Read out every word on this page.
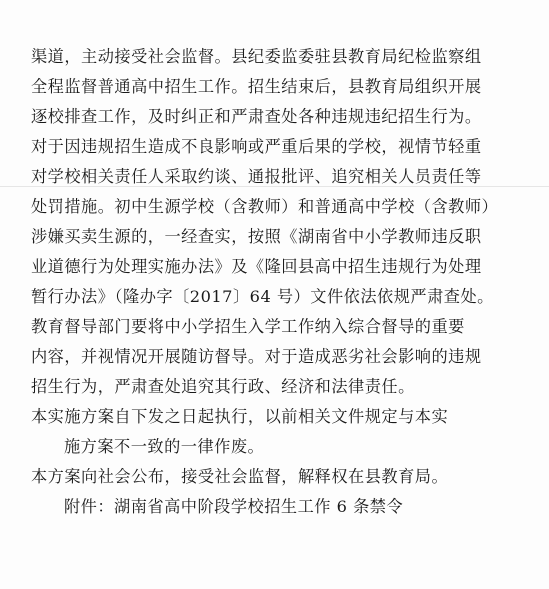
渠道，主动接受社会监督。县纪委监委驻县教育局纪检监察组
全程监督普通高中招生工作。招生结束后，县教育局组织开展
逐校排查工作，及时纠正和严肃查处各种违规违纪招生行为。
对于因违规招生造成不良影响或严重后果的学校，视情节轻重
对学校相关责任人采取约谈、通报批评、追究相关人员责任等
处罚措施。初中生源学校（含教师）和普通高中学校（含教师）
涉嫌买卖生源的，一经查实，按照《湖南省中小学教师违反职
业道德行为处理实施办法》及《隆回县高中招生违规行为处理
暂行办法》（隆办字〔2017〕64 号）文件依法依规严肃查处。
教育督导部门要将中小学招生入学工作纳入综合督导的重要
内容，并视情况开展随访督导。对于造成恶劣社会影响的违规
招生行为，严肃查处追究其行政、经济和法律责任。
本实施方案自下发之日起执行，以前相关文件规定与本实
施方案不一致的一律作废。
本方案向社会公布，接受社会监督，解释权在县教育局。
附件：湖南省高中阶段学校招生工作 6 条禁令
